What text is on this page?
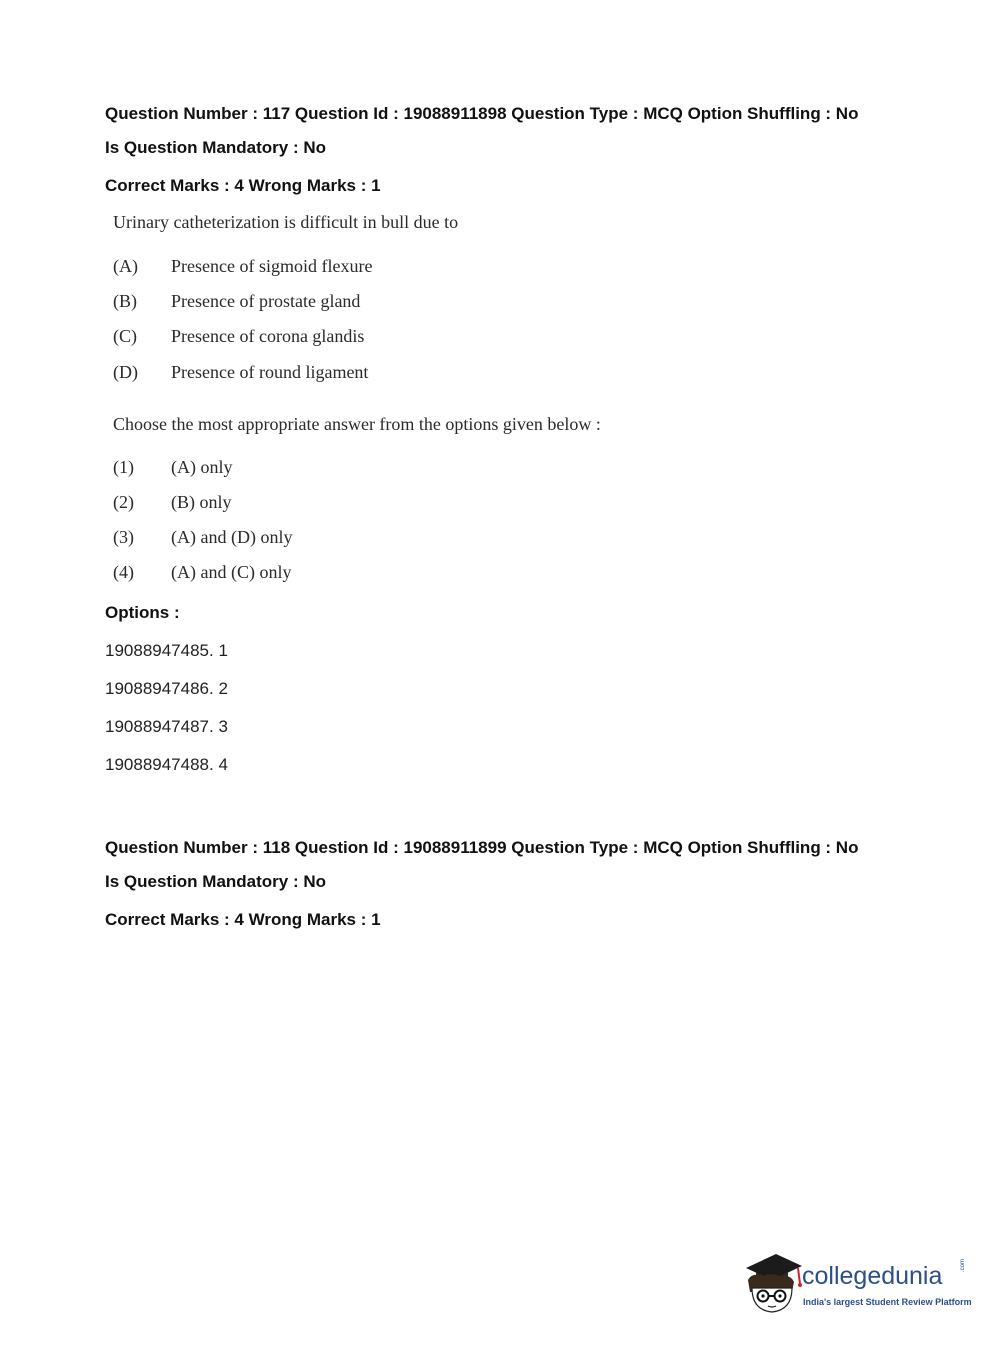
Question Number : 117 Question Id : 19088911898 Question Type : MCQ Option Shuffling : No
Is Question Mandatory : No
Correct Marks : 4 Wrong Marks : 1
Urinary catheterization is difficult in bull due to
(A) Presence of sigmoid flexure
(B) Presence of prostate gland
(C) Presence of corona glandis
(D) Presence of round ligament
Choose the most appropriate answer from the options given below :
(1) (A) only
(2) (B) only
(3) (A) and (D) only
(4) (A) and (C) only
Options :
19088947485. 1
19088947486. 2
19088947487. 3
19088947488. 4
Question Number : 118 Question Id : 19088911899 Question Type : MCQ Option Shuffling : No
Is Question Mandatory : No
Correct Marks : 4 Wrong Marks : 1
collegedunia	.com
India's largest Student Review Platform
